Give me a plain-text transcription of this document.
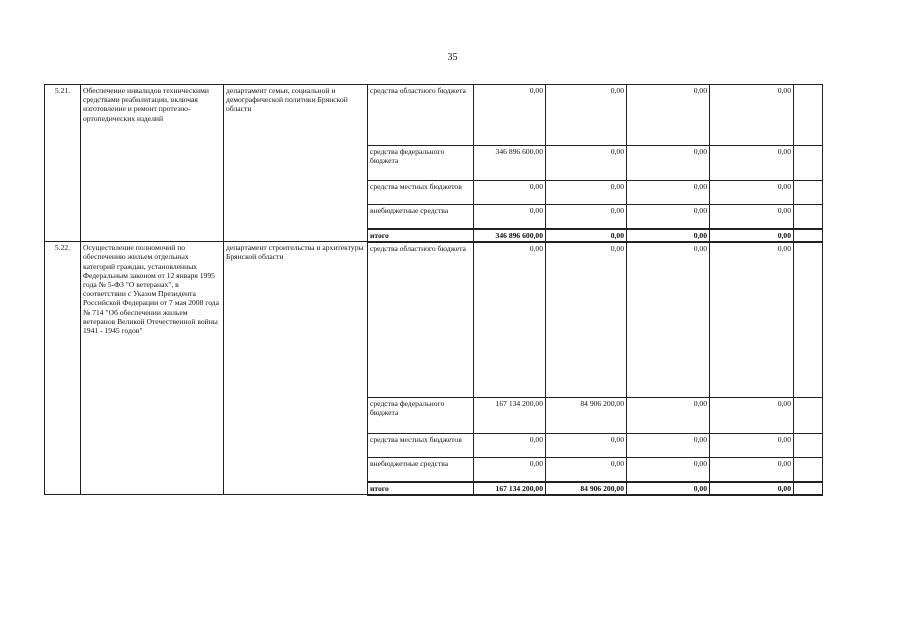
35
5.21.	Обеспечение инвалидов техническими средствами реабилитации, включая изготовление и ремонт протезно-ортопедических изделий	департамент семьи, социальной и демографической политики Брянской области	средства областного бюджета	0,00	0,00	0,00	0,00	
			средства федерального бюджета	346 896 600,00	0,00	0,00	0,00	
			средства местных бюджетов	0,00	0,00	0,00	0,00	
			внебюджетные средства	0,00	0,00	0,00	0,00	
			итого	346 896 600,00	0,00	0,00	0,00	
5.22.	Осуществление полномочий по обеспечению жильем отдельных категорий граждан, установленных Федеральным законом от 12 января 1995 года № 5-ФЗ "О ветеранах", в соответствии с Указом Президента Российской Федерации от 7 мая 2008 года № 714 "Об обеспечении жильем ветеранов Великой Отечественной войны 1941 - 1945 годов"	департамент строительства и архитектуры Брянской области	средства областного бюджета	0,00	0,00	0,00	0,00	
			средства федерального бюджета	167 134 200,00	84 906 200,00	0,00	0,00	
			средства местных бюджетов	0,00	0,00	0,00	0,00	
			внебюджетные средства	0,00	0,00	0,00	0,00	
			итого	167 134 200,00	84 906 200,00	0,00	0,00	
